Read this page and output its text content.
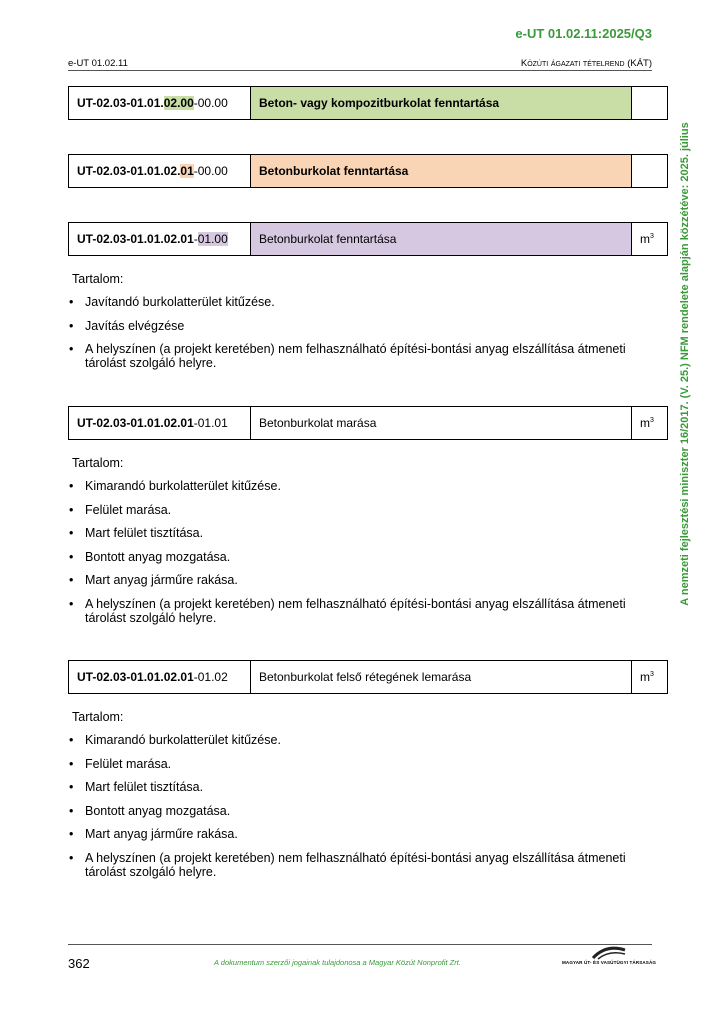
e-UT 01.02.11:2025/Q3
e-UT 01.02.11	Közúti ágazati tételrend (KÁT)
A nemzeti fejlesztési miniszter 16/2017. (V. 25.) NFM rendelete alapján közzétéve: 2025. július
UT-02.03-01.01.02.00-00.00	Beton- vagy kompozitburkolat fenntartása	
UT-02.03-01.01.02.01-00.00	Betonburkolat fenntartása	
UT-02.03-01.01.02.01-01.00	Betonburkolat fenntartása	$m^3$
Tartalom:
• Javítandó burkolatterület kitűzése.
• Javítás elvégzése
• A helyszínen (a projekt keretében) nem felhasználható építési-bontási anyag elszállítása átmeneti tárolást szolgáló helyre.
UT-02.03-01.01.02.01-01.01	Betonburkolat marása	$m^3$
Tartalom:
• Kimarandó burkolatterület kitűzése.
• Felület marása.
• Mart felület tisztítása.
• Bontott anyag mozgatása.
• Mart anyag járműre rakása.
• A helyszínen (a projekt keretében) nem felhasználható építési-bontási anyag elszállítása átmeneti tárolást szolgáló helyre.
UT-02.03-01.01.02.01-01.02	Betonburkolat felső rétegének lemarása	$m^3$
Tartalom:
• Kimarandó burkolatterület kitűzése.
• Felület marása.
• Mart felület tisztítása.
• Bontott anyag mozgatása.
• Mart anyag járműre rakása.
• A helyszínen (a projekt keretében) nem felhasználható építési-bontási anyag elszállítása átmeneti tárolást szolgáló helyre.
362	A dokumentum szerzői jogainak tulajdonosa a Magyar Közút Nonprofit Zrt.	MAGYAR ÚT- ÉS VASÚTÜGYI TÁRSASÁG
